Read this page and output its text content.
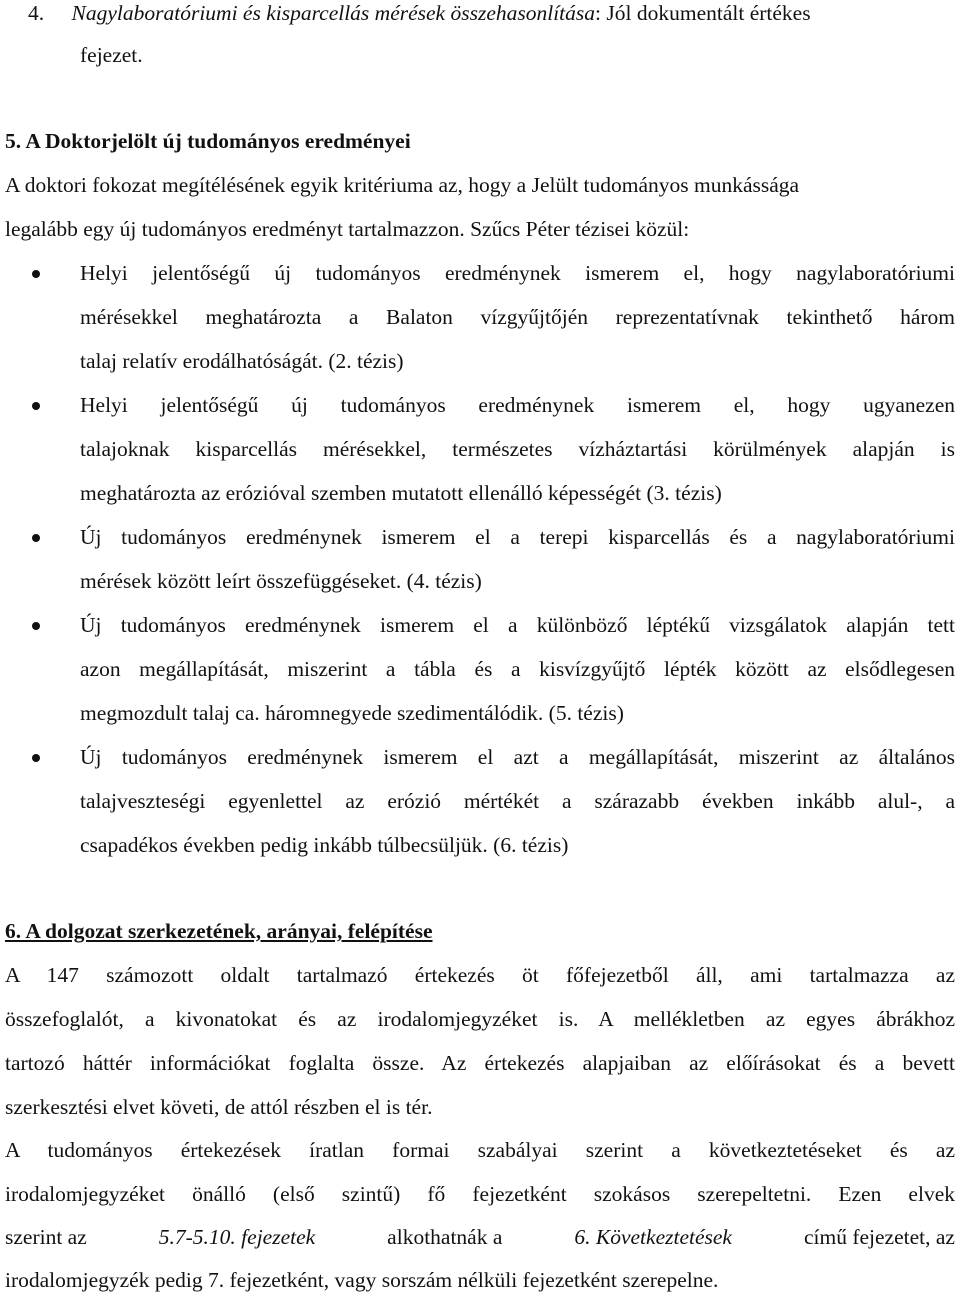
4. Nagylaboratóriumi és kisparcellás mérések összehasonlítása: Jól dokumentált értékes
fejezet.
5. A Doktorjelölt új tudományos eredményei
A doktori fokozat megítélésének egyik kritériuma az, hogy a Jelült tudományos munkássága
legalább egy új tudományos eredményt tartalmazzon. Szűcs Péter tézisei közül:
Helyi jelentőségű új tudományos eredménynek ismerem el, hogy nagylaboratóriumi
mérésekkel meghatározta a Balaton vízgyűjtőjén reprezentatívnak tekinthető három
talaj relatív erodálhatóságát. (2. tézis)
Helyi jelentőségű új tudományos eredménynek ismerem el, hogy ugyanezen
talajoknak kisparcellás mérésekkel, természetes vízháztartási körülmények alapján is
meghatározta az erózióval szemben mutatott ellenálló képességét (3. tézis)
Új tudományos eredménynek ismerem el a terepi kisparcellás és a nagylaboratóriumi
mérések között leírt összefüggéseket. (4. tézis)
Új tudományos eredménynek ismerem el a különböző léptékű vizsgálatok alapján tett
azon megállapítását, miszerint a tábla és a kisvízgyűjtő lépték között az elsődlegesen
megmozdult talaj ca. háromnegyede szedimentálódik. (5. tézis)
Új tudományos eredménynek ismerem el azt a megállapítását, miszerint az általános
talajveszteségi egyenlettel az erózió mértékét a szárazabb években inkább alul-, a
csapadékos években pedig inkább túlbecsüljük. (6. tézis)
6. A dolgozat szerkezetének, arányai, felépítése
A 147 számozott oldalt tartalmazó értekezés öt főfejezetből áll, ami tartalmazza az
összefoglalót, a kivonatokat és az irodalomjegyzéket is. A mellékletben az egyes ábrákhoz
tartozó háttér információkat foglalta össze. Az értekezés alapjaiban az előírásokat és a bevett
szerkesztési elvet követi, de attól részben el is tér.
A tudományos értekezések íratlan formai szabályai szerint a következtetéseket és az
irodalomjegyzéket önálló (első szintű) fő fejezetként szokásos szerepeltetni. Ezen elvek
szerint az	5.7-5.10. fejezetek	alkothatnák a	6. Következtetések	című fejezetet, az
irodalomjegyzék pedig 7. fejezetként, vagy sorszám nélküli fejezetként szerepelne.
